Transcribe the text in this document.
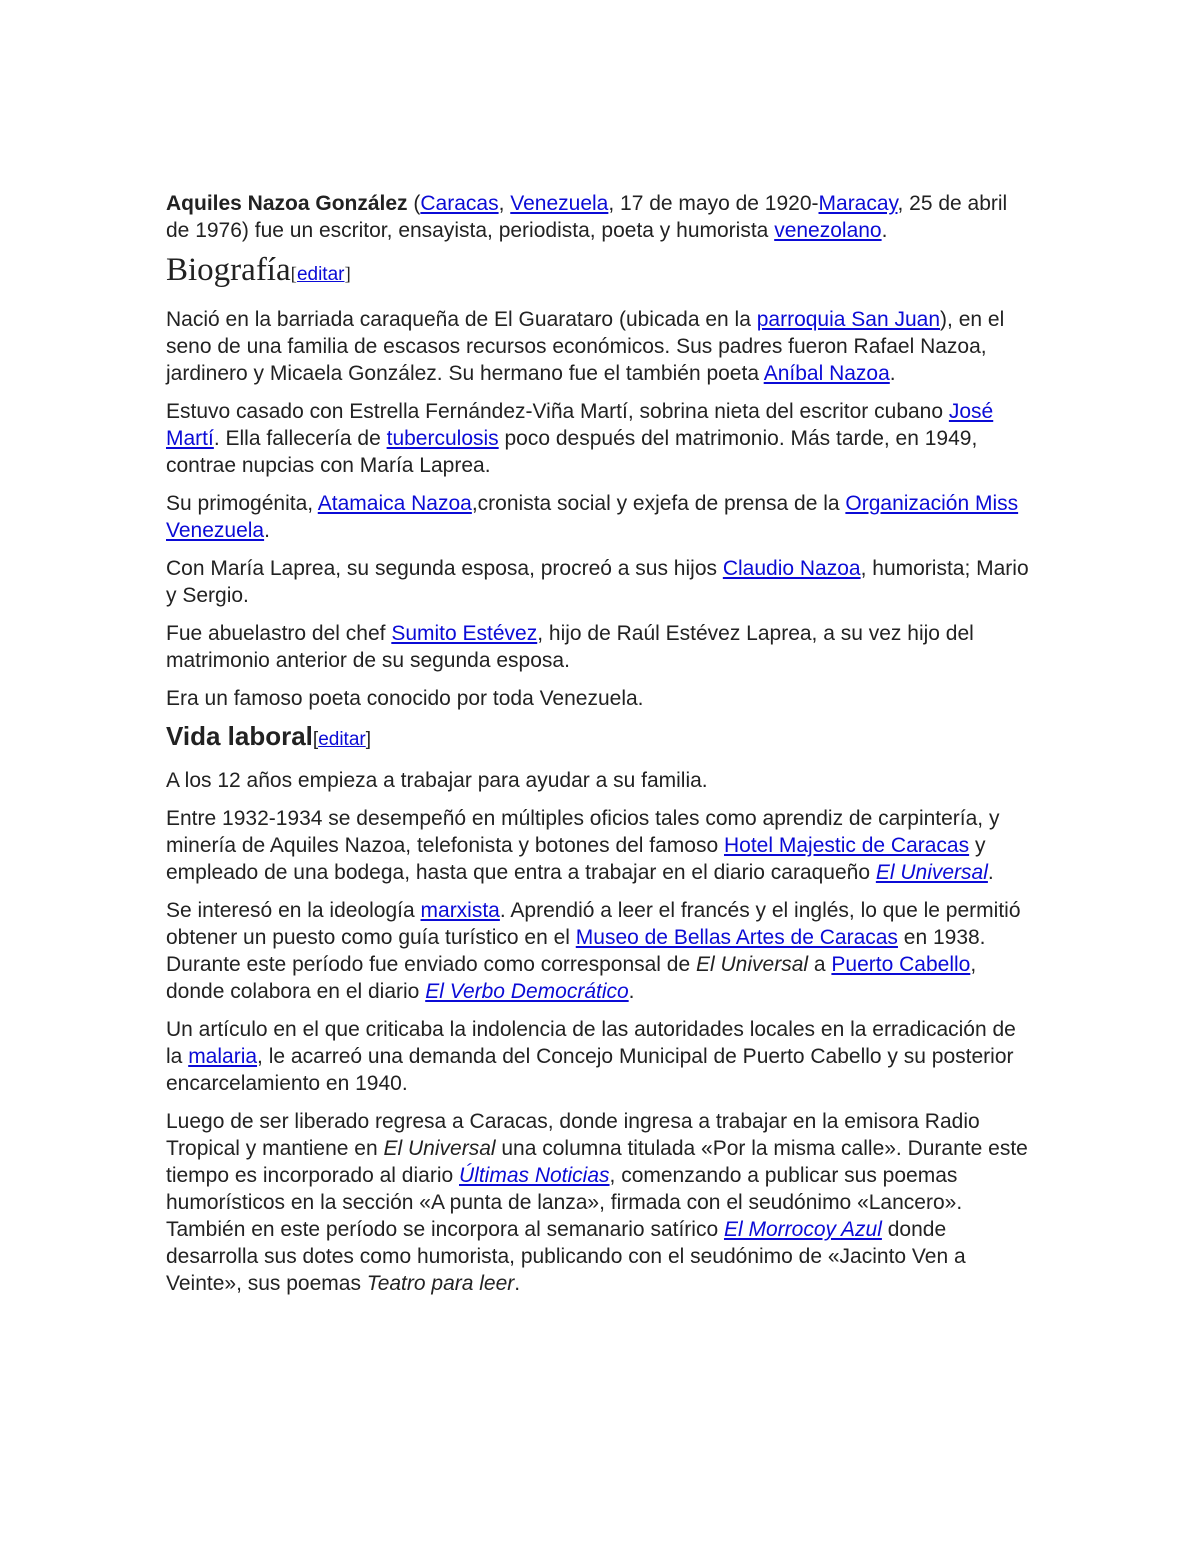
Aquiles Nazoa González (Caracas, Venezuela, 17 de mayo de 1920-Maracay, 25 de abril de 1976) fue un escritor, ensayista, periodista, poeta y humorista venezolano.

Biografía[editar]

Nació en la barriada caraqueña de El Guarataro (ubicada en la parroquia San Juan), en el seno de una familia de escasos recursos económicos. Sus padres fueron Rafael Nazoa, jardinero y Micaela González. Su hermano fue el también poeta Aníbal Nazoa.

Estuvo casado con Estrella Fernández-Viña Martí, sobrina nieta del escritor cubano José Martí. Ella fallecería de tuberculosis poco después del matrimonio. Más tarde, en 1949, contrae nupcias con María Laprea.

Su primogénita, Atamaica Nazoa,cronista social y exjefa de prensa de la Organización Miss Venezuela.

Con María Laprea, su segunda esposa, procreó a sus hijos Claudio Nazoa, humorista; Mario y Sergio.

Fue abuelastro del chef Sumito Estévez, hijo de Raúl Estévez Laprea, a su vez hijo del matrimonio anterior de su segunda esposa.

Era un famoso poeta conocido por toda Venezuela.

Vida laboral[editar]

A los 12 años empieza a trabajar para ayudar a su familia.

Entre 1932-1934 se desempeñó en múltiples oficios tales como aprendiz de carpintería, y minería de Aquiles Nazoa, telefonista y botones del famoso Hotel Majestic de Caracas y empleado de una bodega, hasta que entra a trabajar en el diario caraqueño El Universal.

Se interesó en la ideología marxista. Aprendió a leer el francés y el inglés, lo que le permitió obtener un puesto como guía turístico en el Museo de Bellas Artes de Caracas en 1938. Durante este período fue enviado como corresponsal de El Universal a Puerto Cabello, donde colabora en el diario El Verbo Democrático.

Un artículo en el que criticaba la indolencia de las autoridades locales en la erradicación de la malaria, le acarreó una demanda del Concejo Municipal de Puerto Cabello y su posterior encarcelamiento en 1940.

Luego de ser liberado regresa a Caracas, donde ingresa a trabajar en la emisora Radio Tropical y mantiene en El Universal una columna titulada «Por la misma calle». Durante este tiempo es incorporado al diario Últimas Noticias, comenzando a publicar sus poemas humorísticos en la sección «A punta de lanza», firmada con el seudónimo «Lancero». También en este período se incorpora al semanario satírico El Morrocoy Azul donde desarrolla sus dotes como humorista, publicando con el seudónimo de «Jacinto Ven a Veinte», sus poemas Teatro para leer.
